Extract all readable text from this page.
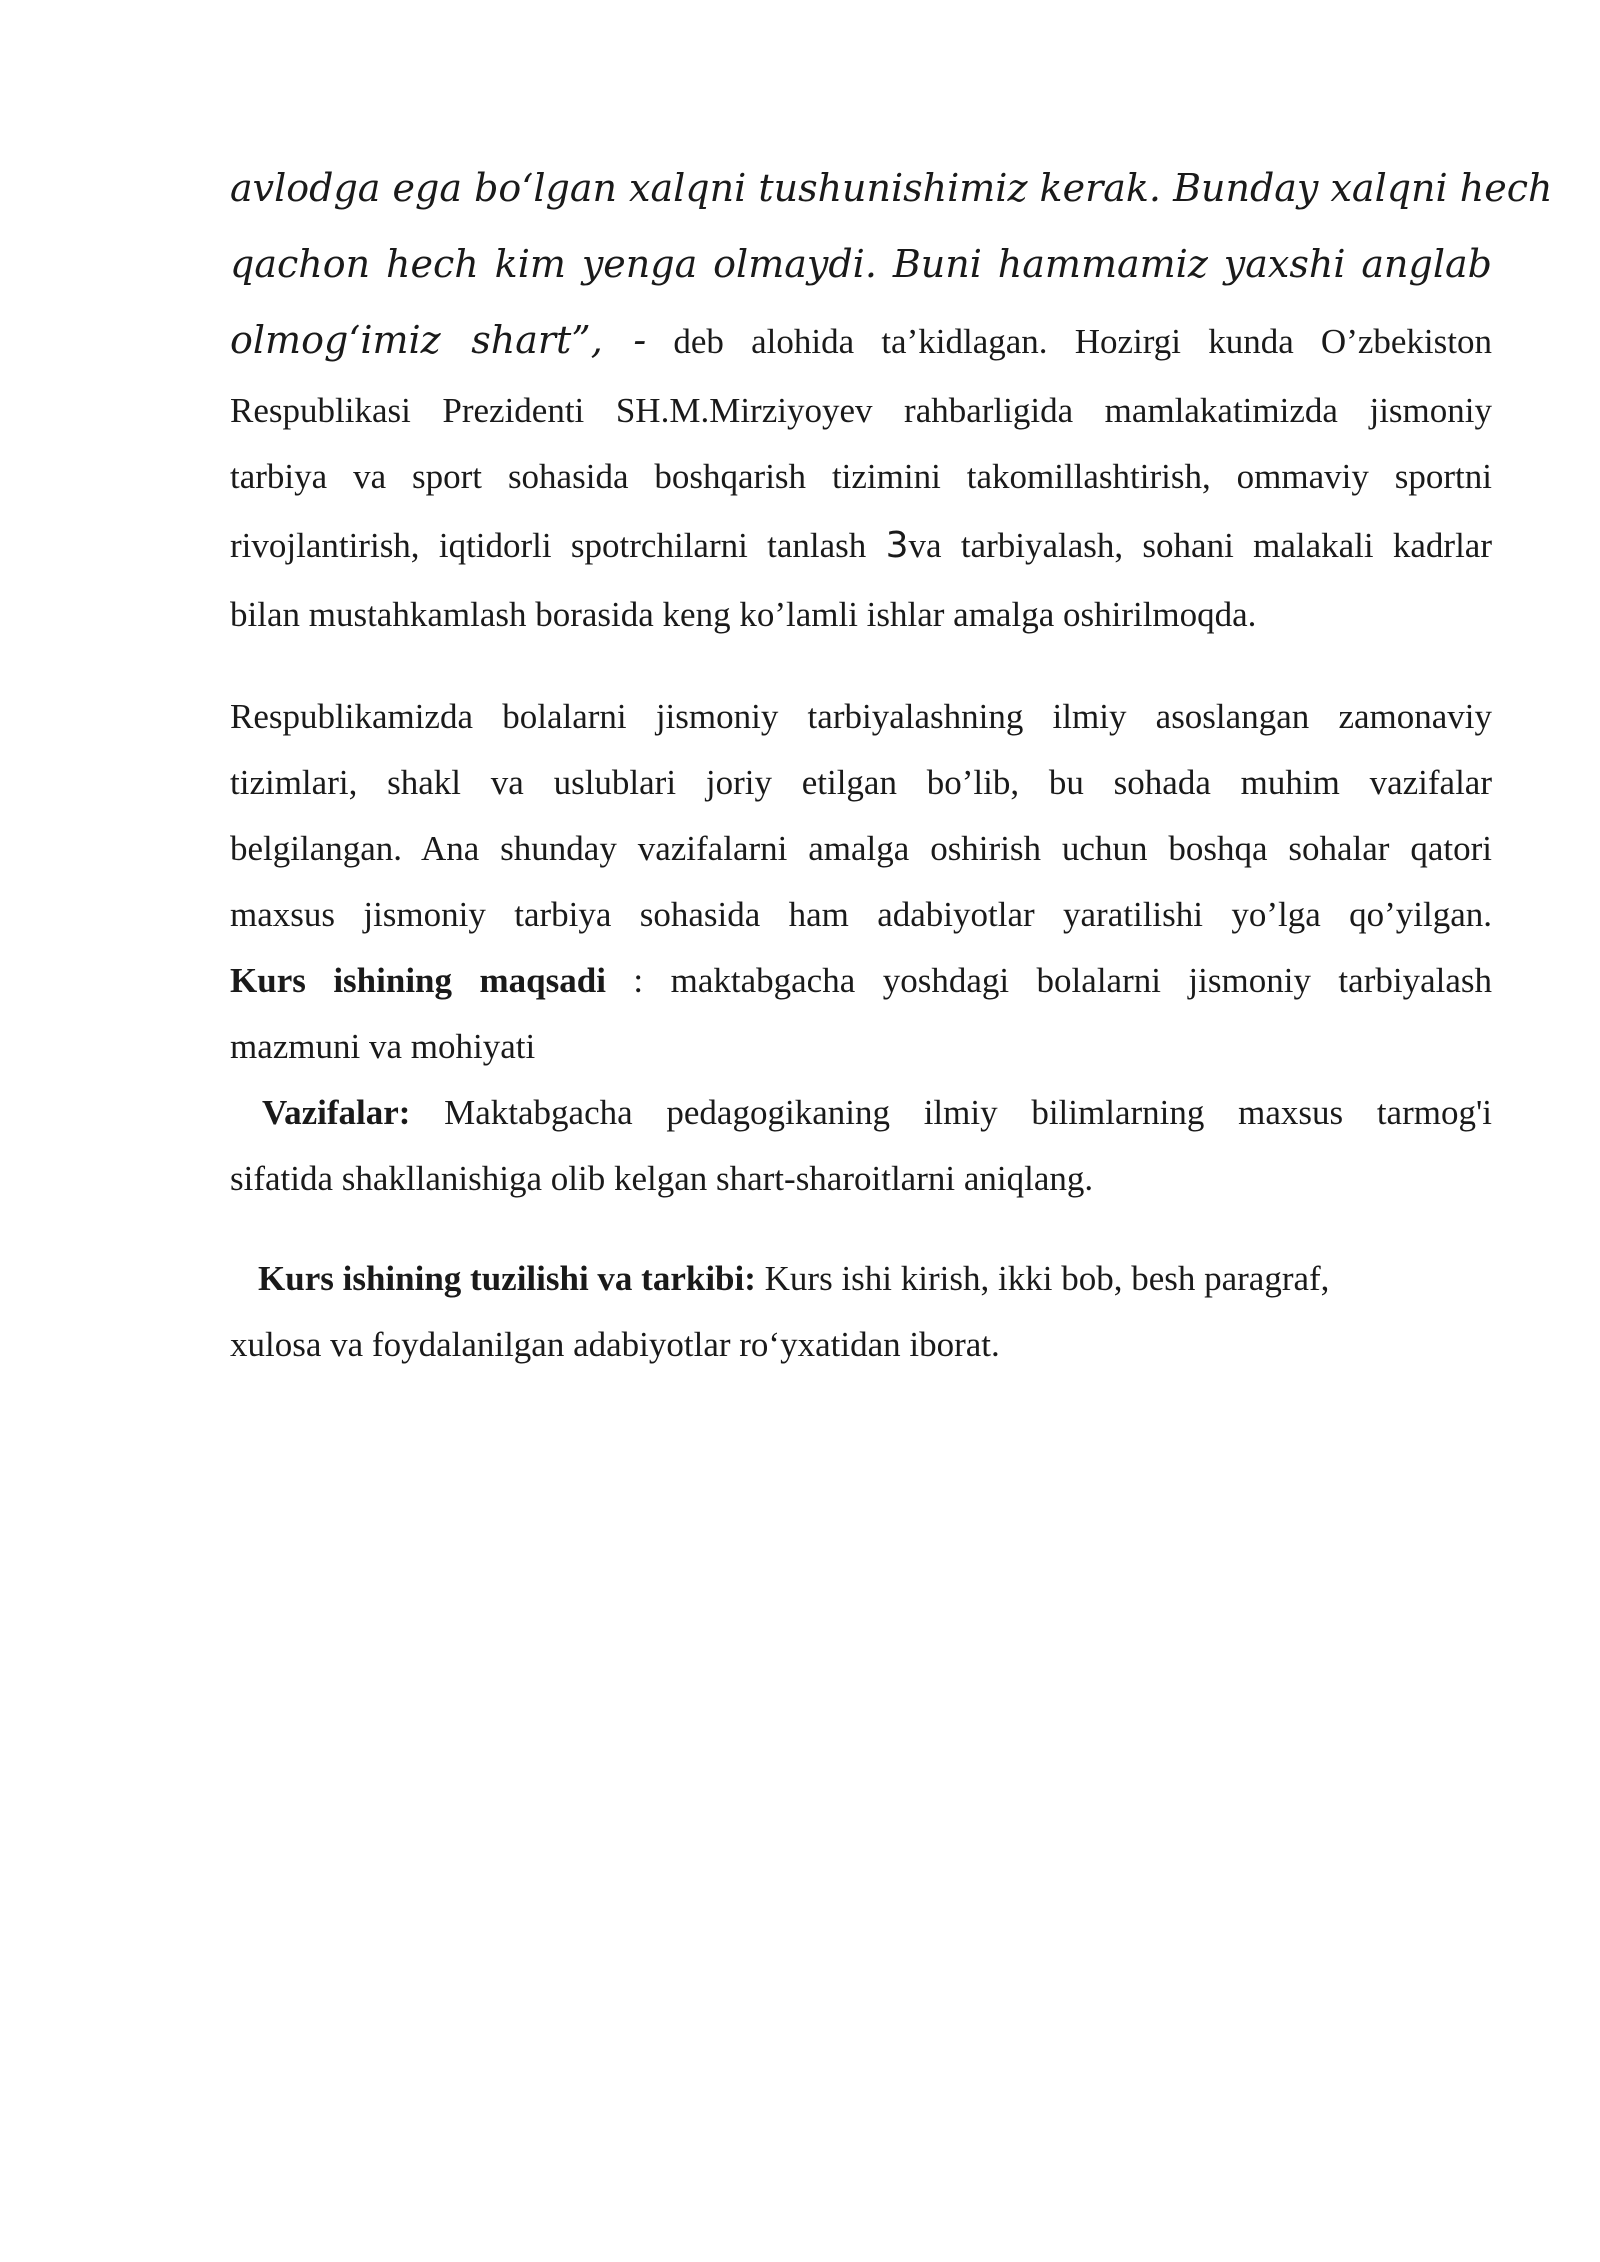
avlodga ega bo‘lgan xalqni tushunishimiz kerak. Bunday xalqni hech
qachon hech kim yenga olmaydi. Buni hammamiz yaxshi anglab
olmog‘imiz shart”, - deb alohida ta’kidlagan. Hozirgi kunda O’zbekiston
Respublikasi Prezidenti SH.M.Mirziyoyev rahbarligida mamlakatimizda jismoniy
tarbiya va sport sohasida boshqarish tizimini takomillashtirish, ommaviy sportni
rivojlantirish, iqtidorli spotrchilarni tanlash 3va tarbiyalash, sohani malakali kadrlar
bilan mustahkamlash borasida keng ko’lamli ishlar amalga oshirilmoqda.
Respublikamizda bolalarni jismoniy tarbiyalashning ilmiy asoslangan zamonaviy
tizimlari, shakl va uslublari joriy etilgan bo’lib, bu sohada muhim vazifalar
belgilangan. Ana shunday vazifalarni amalga oshirish uchun boshqa sohalar qatori
maxsus jismoniy tarbiya sohasida ham adabiyotlar yaratilishi yo’lga qo’yilgan.
Kurs ishining maqsadi : maktabgacha yoshdagi bolalarni jismoniy tarbiyalash
mazmuni va mohiyati
Vazifalar: Maktabgacha pedagogikaning ilmiy bilimlarning maxsus tarmog'i
sifatida shakllanishiga olib kelgan shart-sharoitlarni aniqlang.
Kurs ishining tuzilishi va tarkibi: Kurs ishi kirish, ikki bob, besh paragraf,
xulosa va foydalanilgan adabiyotlar ro‘yxatidan iborat.
